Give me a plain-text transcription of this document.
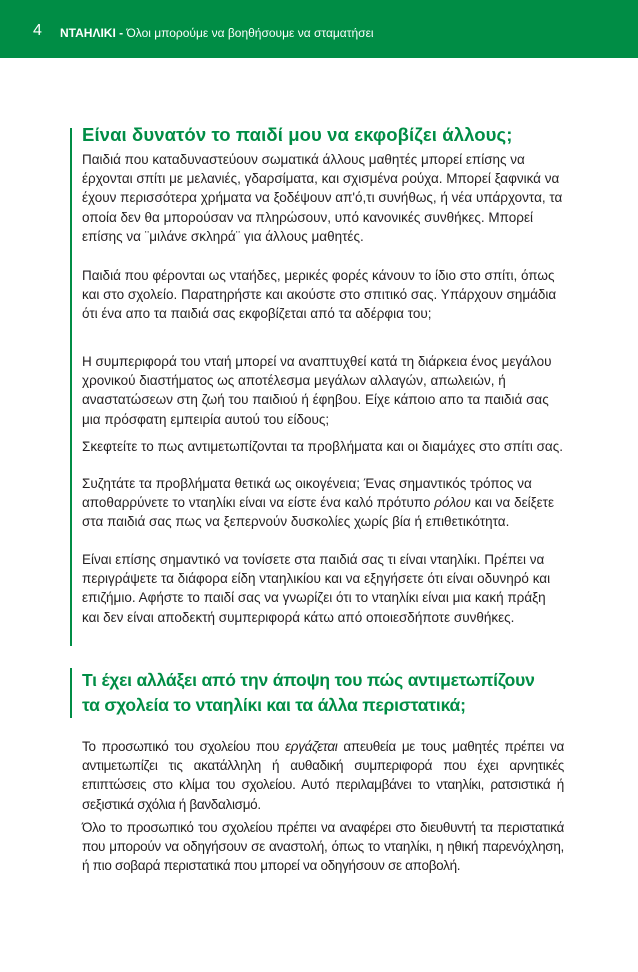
4 ΝΤΑΗΛΙΚΙ - Όλοι μπορούμε να βοηθήσουμε να σταματήσει
Είναι δυνατόν το παιδί μου να εκφοβίζει άλλους;

Παιδιά που καταδυναστεύουν σωματικά άλλους μαθητές μπορεί επίσης να έρχονται σπίτι με μελανιές, γδαρσίματα, και σχισμένα ρούχα. Μπορεί ξαφνικά να έχουν περισσότερα χρήματα να ξοδέψουν απ'ό,τι συνήθως, ή νέα υπάρχοντα, τα οποία δεν θα μπορούσαν να πληρώσουν, υπό κανονικές συνθήκες. Μπορεί επίσης να ¨μιλάνε σκληρά¨ για άλλους μαθητές.

Παιδιά που φέρονται ως νταήδες, μερικές φορές κάνουν το ίδιο στο σπίτι, όπως και στο σχολείο. Παρατηρήστε και ακούστε στο σπιτικό σας. Υπάρχουν σημάδια ότι ένα απο τα παιδιά σας εκφοβίζεται από τα αδέρφια του;

Η συμπεριφορά του νταή μπορεί να αναπτυχθεί κατά τη διάρκεια ένος μεγάλου χρονικού διαστήματος ως αποτέλεσμα μεγάλων αλλαγών, απωλειών, ή αναστατώσεων στη ζωή του παιδιού ή έφηβου. Είχε κάποιο απο τα παιδιά σας μια πρόσφατη εμπειρία αυτού του είδους;

Σκεφτείτε το πως αντιμετωπίζονται τα προβλήματα και οι διαμάχες στο σπίτι σας.

Συζητάτε τα προβλήματα θετικά ως οικογένεια; Ένας σημαντικός τρόπος να αποθαρρύνετε το νταηλίκι είναι να είστε ένα καλό πρότυπο ρόλου και να δείξετε στα παιδιά σας πως να ξεπερνούν δυσκολίες χωρίς βία ή επιθετικότητα.

Είναι επίσης σημαντικό να τονίσετε στα παιδιά σας τι είναι νταηλίκι. Πρέπει να περιγράψετε τα διάφορα είδη νταηλικίου και να εξηγήσετε ότι είναι οδυνηρό και επιζήμιο. Αφήστε το παιδί σας να γνωρίζει ότι το νταηλίκι είναι μια κακή πράξη και δεν είναι αποδεκτή συμπεριφορά κάτω από οποιεσδήποτε συνθήκες.

Τι έχει αλλάξει από την άποψη του πώς αντιμετωπίζουν
τα σχολεία το νταηλίκι και τα άλλα περιστατικά;

Το προσωπικό του σχολείου που εργάζεται απευθεία με τους μαθητές πρέπει να αντιμετωπίζει τις ακατάλληλη ή αυθαδική συμπεριφορά που έχει αρνητικές επιπτώσεις στο κλίμα του σχολείου. Αυτό περιλαμβάνει το νταηλίκι, ρατσιστικά ή σεξιστικά σχόλια ή βανδαλισμό.

Όλο το προσωπικό του σχολείου πρέπει να αναφέρει στο διευθυντή τα περιστατικά που μπορούν να οδηγήσουν σε αναστολή, όπως το νταηλίκι, η ηθική παρενόχληση, ή πιο σοβαρά περιστατικά που μπορεί να οδηγήσουν σε αποβολή.
